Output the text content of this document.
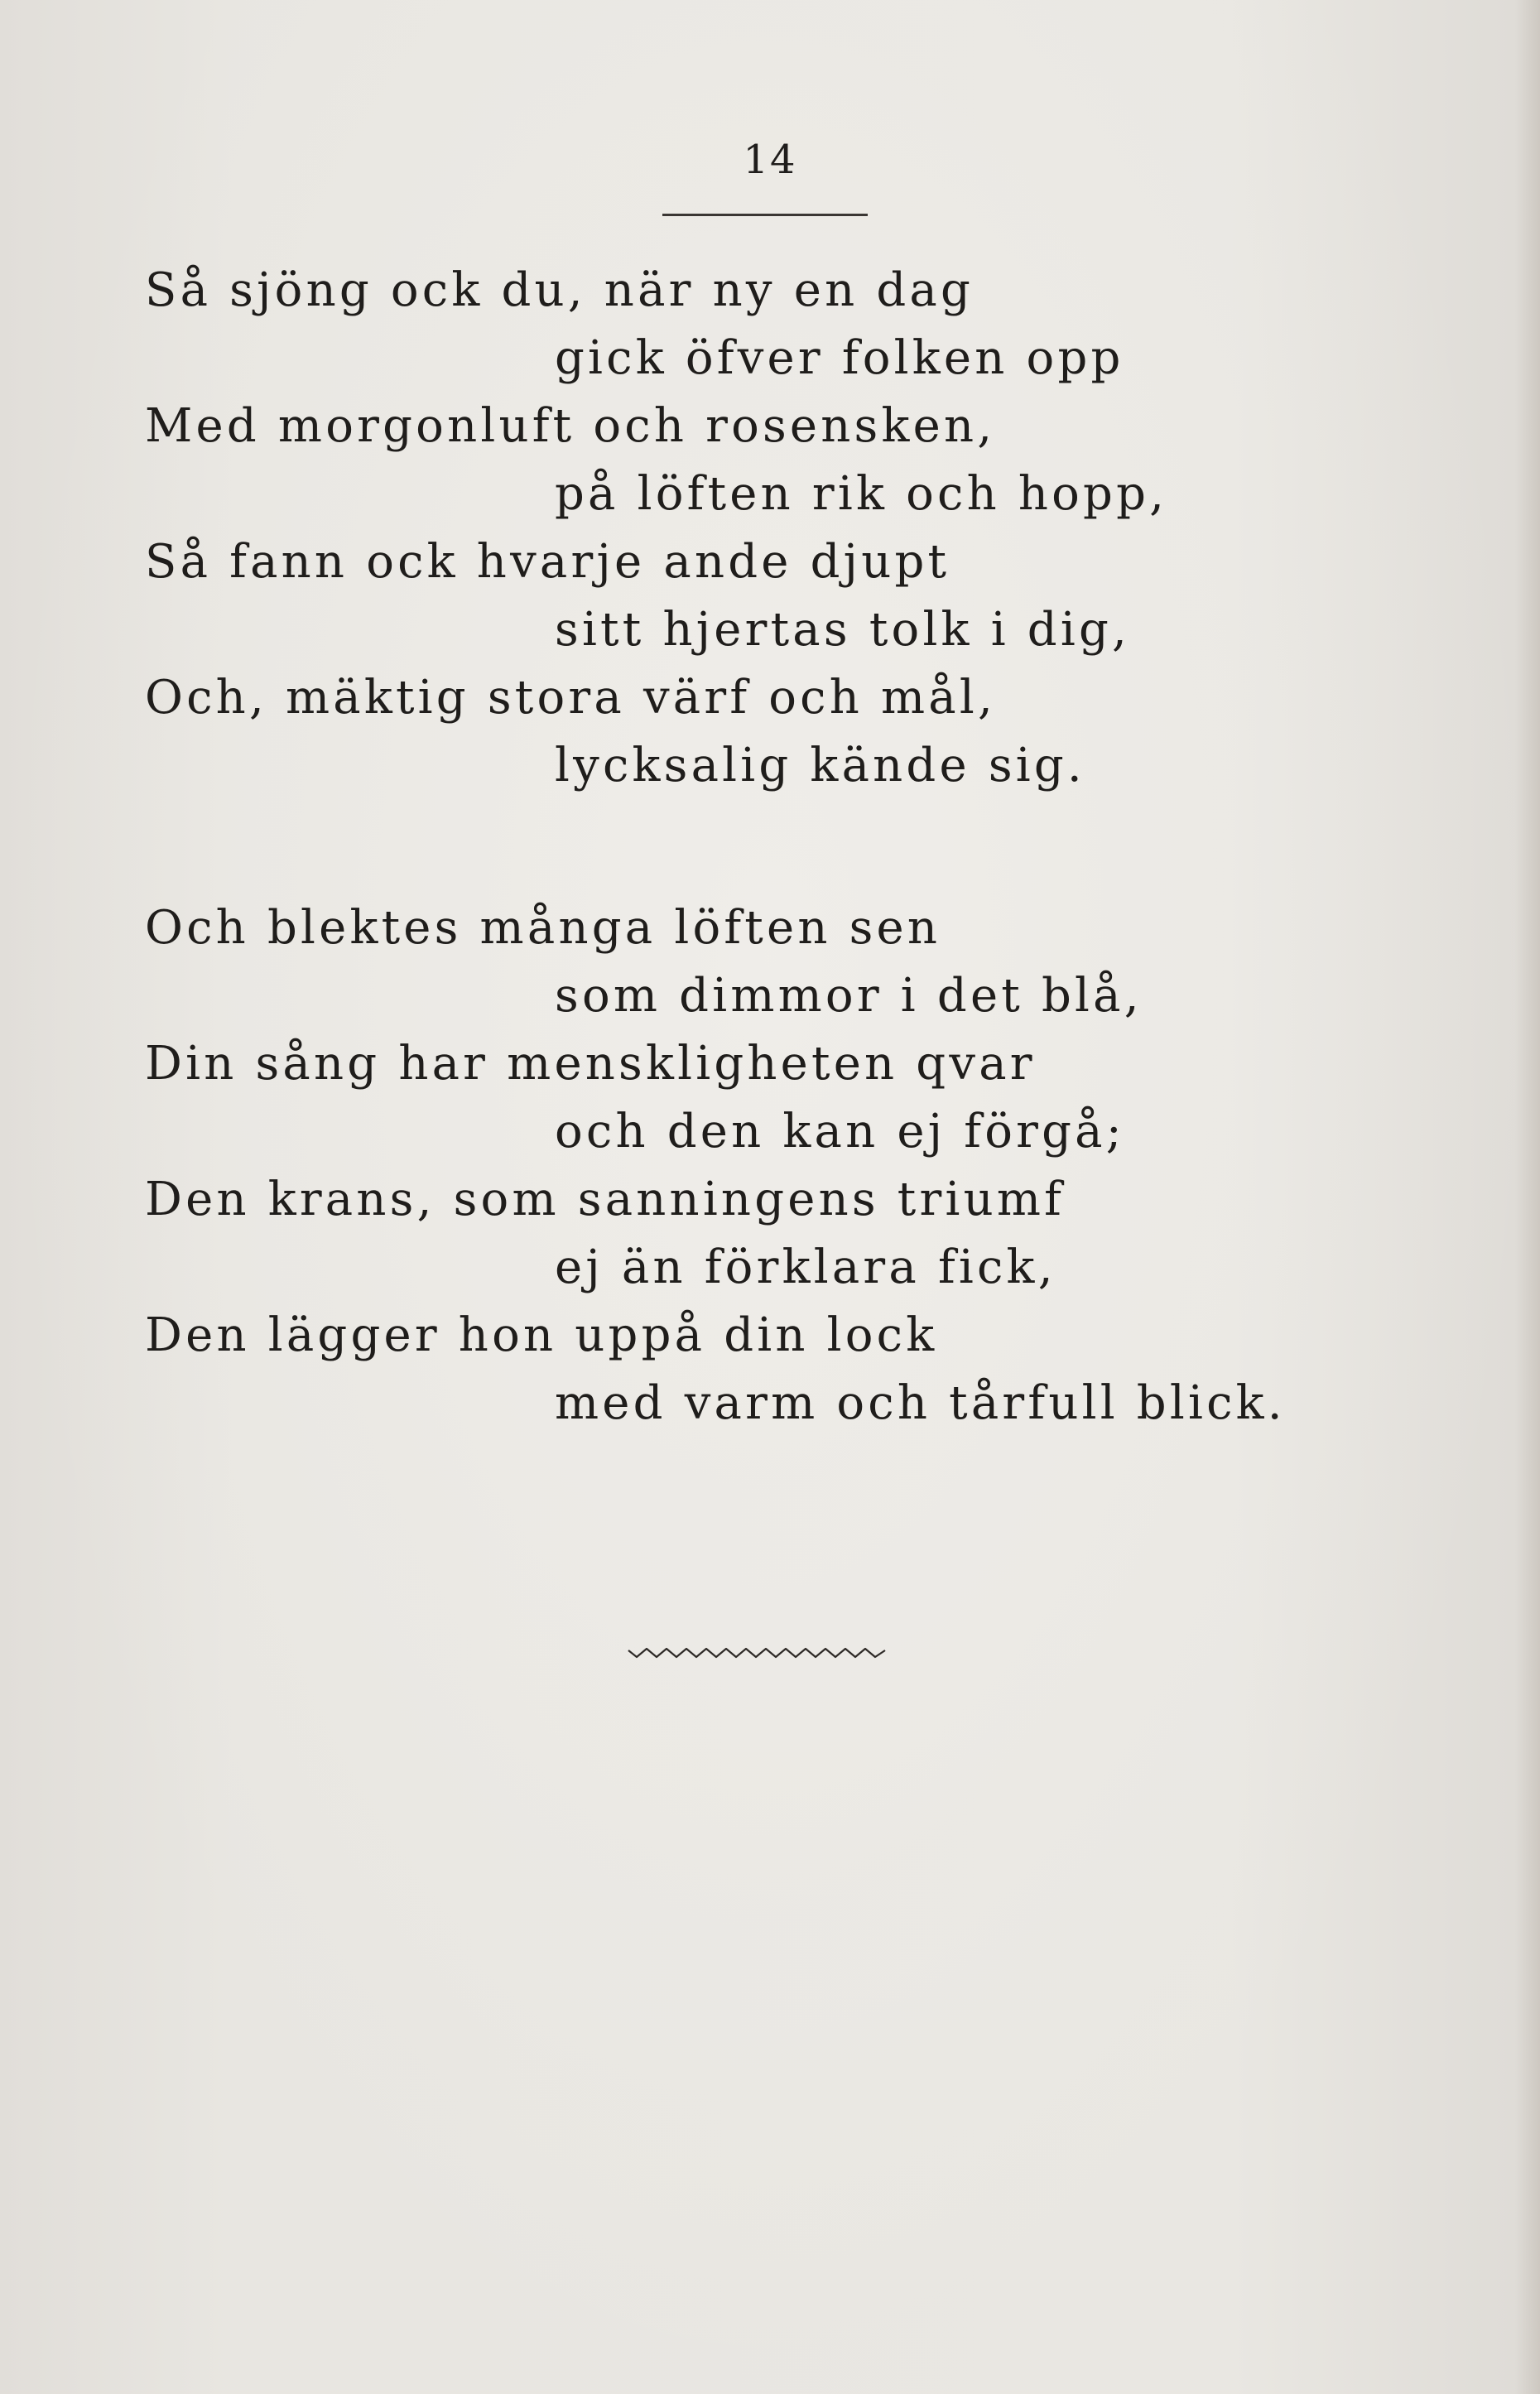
14
Så sjöng ock du, när ny en dag
gick öfver folken opp
Med morgonluft och rosensken,
på löften rik och hopp,
Så fann ock hvarje ande djupt
sitt hjertas tolk i dig,
Och, mäktig stora värf och mål,
lycksalig kände sig.
Och blektes många löften sen
som dimmor i det blå,
Din sång har menskligheten qvar
och den kan ej förgå;
Den krans, som sanningens triumf
ej än förklara fick,
Den lägger hon uppå din lock
med varm och tårfull blick.
